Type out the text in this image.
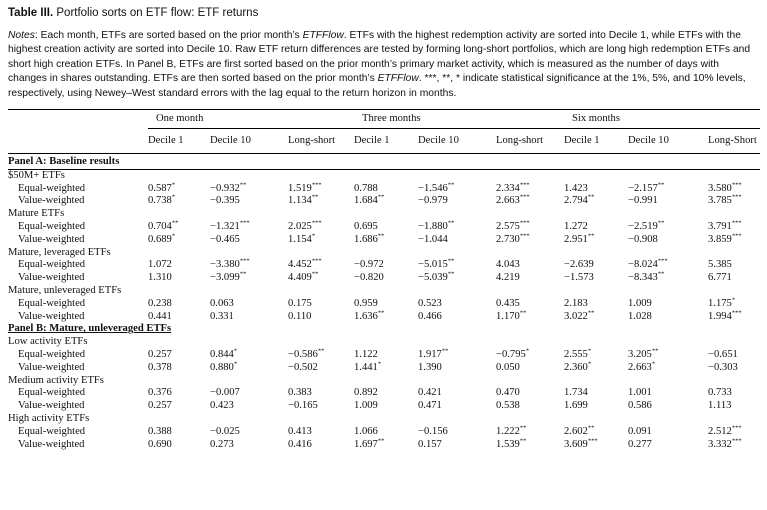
Table III. Portfolio sorts on ETF flow: ETF returns

Notes: Each month, ETFs are sorted based on the prior month’s ETFFlow. ETFs with the highest redemption activity are sorted into Decile 1, while ETFs with the highest creation activity are sorted into Decile 10. Raw ETF return differences are tested by forming long-short portfolios, which are long high redemption ETFs and short high creation ETFs. In Panel B, ETFs are first sorted based on the prior month’s primary market activity, which is measured as the number of days with changes in shares outstanding. ETFs are then sorted based on the prior month’s ETFFlow. ***, **, * indicate statistical significance at the 1%, 5%, and 10% levels, respectively, using Newey–West standard errors with the lag equal to the return horizon in months.

	One month			Three months			Six months		
	Decile 1	Decile 10	Long-short	Decile 1	Decile 10	Long-short	Decile 1	Decile 10	Long-Short
Panel A: Baseline results									
$50M+ ETFs									
Equal-weighted	0.587*	−0.932**	1.519***	0.788	−1.546**	2.334***	1.423	−2.157**	3.580***
Value-weighted	0.738*	−0.395	1.134**	1.684**	−0.979	2.663***	2.794**	−0.991	3.785***
Mature ETFs									
Equal-weighted	0.704**	−1.321***	2.025***	0.695	−1.880**	2.575***	1.272	−2.519**	3.791***
Value-weighted	0.689*	−0.465	1.154*	1.686**	−1.044	2.730***	2.951**	−0.908	3.859***
Mature, leveraged ETFs									
Equal-weighted	1.072	−3.380***	4.452***	−0.972	−5.015**	4.043	−2.639	−8.024***	5.385
Value-weighted	1.310	−3.099**	4.409**	−0.820	−5.039**	4.219	−1.573	−8.343**	6.771
Mature, unleveraged ETFs									
Equal-weighted	0.238	0.063	0.175	0.959	0.523	0.435	2.183	1.009	1.175*
Value-weighted	0.441	0.331	0.110	1.636**	0.466	1.170**	3.022**	1.028	1.994***
Panel B: Mature, unleveraged ETFs									
Low activity ETFs									
Equal-weighted	0.257	0.844*	−0.586**	1.122	1.917**	−0.795*	2.555*	3.205**	−0.651
Value-weighted	0.378	0.880*	−0.502	1.441*	1.390	0.050	2.360*	2.663*	−0.303
Medium activity ETFs									
Equal-weighted	0.376	−0.007	0.383	0.892	0.421	0.470	1.734	1.001	0.733
Value-weighted	0.257	0.423	−0.165	1.009	0.471	0.538	1.699	0.586	1.113
High activity ETFs									
Equal-weighted	0.388	−0.025	0.413	1.066	−0.156	1.222**	2.602**	0.091	2.512***
Value-weighted	0.690	0.273	0.416	1.697**	0.157	1.539**	3.609***	0.277	3.332***
